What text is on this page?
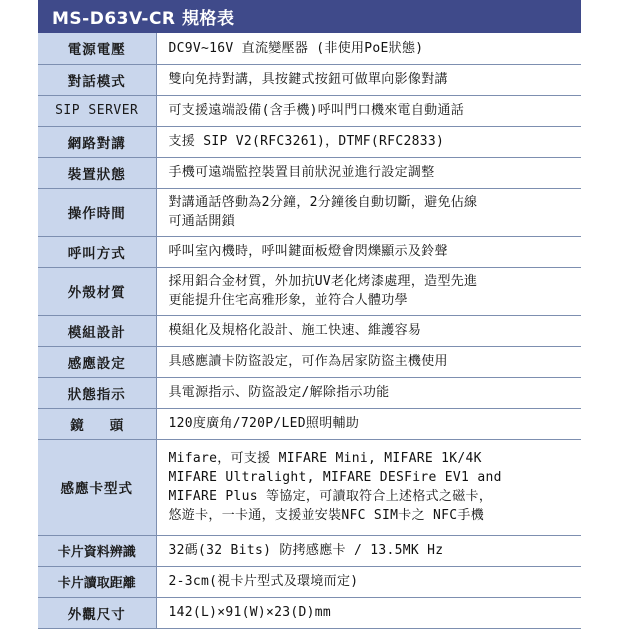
MS-D63V-CR 規格表
電源電壓	DC9V~16V 直流變壓器 (非使用PoE狀態)

對話模式	雙向免持對講，具按鍵式按鈕可做單向影像對講

SIP SERVER	可支援遠端設備(含手機)呼叫門口機來電自動通話

網路對講	支援 SIP V2(RFC3261)，DTMF(RFC2833)

裝置狀態	手機可遠端監控裝置目前狀況並進行設定調整

操作時間	對講通話啓動為2分鐘，2分鐘後自動切斷，避免佔線
可通話開鎖

呼叫方式	呼叫室內機時，呼叫鍵面板燈會閃爍顯示及鈴聲

外殼材質	採用鋁合金材質，外加抗UV老化烤漆處理，造型先進
更能提升住宅高雅形象，並符合人體功學

模組設計	模組化及規格化設計、施工快速、維護容易

感應設定	具感應讀卡防盜設定，可作為居家防盜主機使用

狀態指示	具電源指示、防盜設定/解除指示功能

鏡頭	120度廣角/720P/LED照明輔助

感應卡型式	Mifare，可支援 MIFARE Mini, MIFARE 1K/4K
MIFARE Ultralight, MIFARE DESFire EV1 and
MIFARE Plus 等協定，可讀取符合上述格式之磁卡，
悠遊卡，一卡通，支援並安裝NFC SIM卡之 NFC手機

卡片資料辨識	32碼(32 Bits) 防拷感應卡 / 13.5MK Hz

卡片讀取距離	2-3cm(視卡片型式及環境而定)

外觀尺寸	142(L)×91(W)×23(D)mm
